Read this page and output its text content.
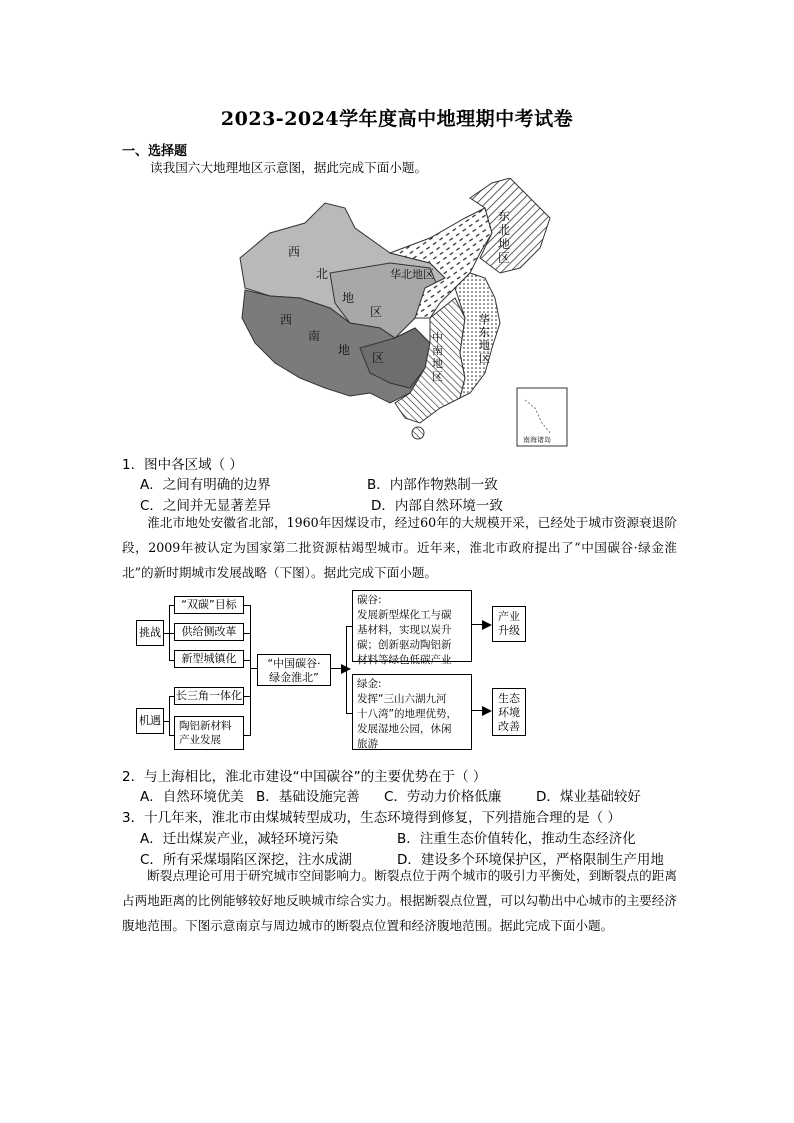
2023-2024学年度高中地理期中考试卷
一、选择题
读我国六大地理地区示意图，据此完成下面小题。
西
北
地
区
西
南
地
区
华北地区
东
北
地
区
中
南
地
区
华
东
地
区
南海诸岛
1．图中各区域（ ）
A．之间有明确的边界	B．内部作物熟制一致
C．之间并无显著差异	D．内部自然环境一致
淮北市地处安徽省北部，1960年因煤设市，经过60年的大规模开采，已经处于城市资源衰退阶段，2009年被认定为国家第二批资源枯竭型城市。近年来，淮北市政府提出了“中国碳谷·绿金淮北”的新时期城市发展战略（下图）。据此完成下面小题。
挑战
机遇
“双碳”目标
供给侧改革
新型城镇化
长三角一体化
陶铝新材料
产业发展
“中国碳谷·
绿金淮北”
碳谷:
发展新型煤化工与碳
基材料，实现以炭升
碳；创新驱动陶铝新
材料等绿色低碳产业
绿金:
发挥“三山六湖九河
十八湾”的地理优势，
发展湿地公园，休闲
旅游
产业
升级
生态
环境
改善
2．与上海相比，淮北市建设“中国碳谷”的主要优势在于（ ）
A．自然环境优美 B．基础设施完善 C．劳动力价格低廉	D．煤业基础较好
3．十几年来，淮北市由煤城转型成功，生态环境得到修复，下列措施合理的是（ ）
A．迁出煤炭产业，减轻环境污染	B．注重生态价值转化，推动生态经济化
C．所有采煤塌陷区深挖，注水成湖	D．建设多个环境保护区，严格限制生产用地
断裂点理论可用于研究城市空间影响力。断裂点位于两个城市的吸引力平衡处，到断裂点的距离占两地距离的比例能够较好地反映城市综合实力。根据断裂点位置，可以勾勒出中心城市的主要经济腹地范围。下图示意南京与周边城市的断裂点位置和经济腹地范围。据此完成下面小题。
